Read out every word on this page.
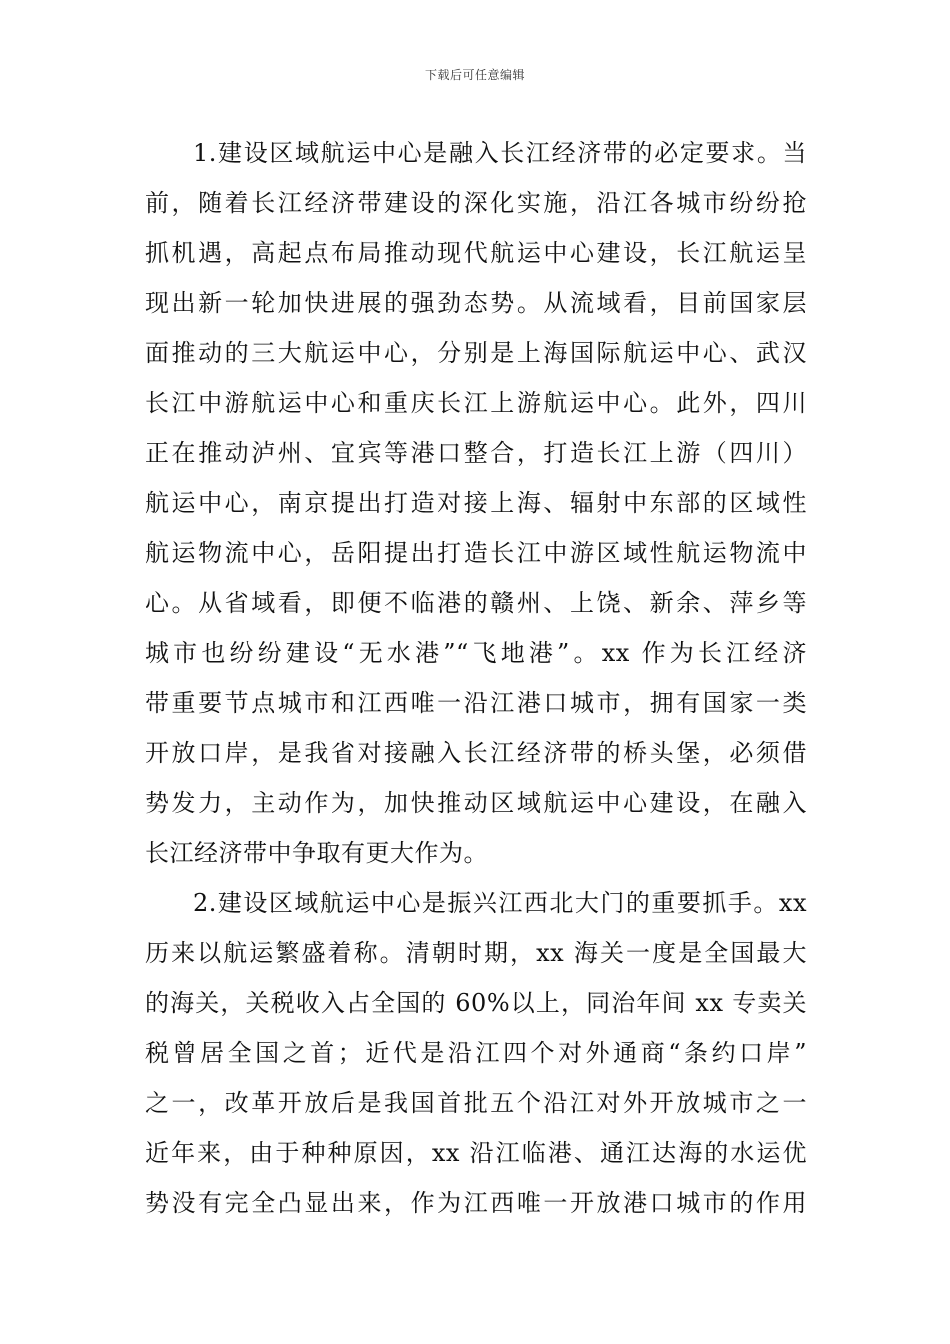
下载后可任意编辑
1.建设区域航运中心是融入长江经济带的必定要求。当
前，随着长江经济带建设的深化实施，沿江各城市纷纷抢
抓机遇，高起点布局推动现代航运中心建设，长江航运呈
现出新一轮加快进展的强劲态势。从流域看，目前国家层
面推动的三大航运中心，分别是上海国际航运中心、武汉
长江中游航运中心和重庆长江上游航运中心。此外，四川
正在推动泸州、宜宾等港口整合，打造长江上游（四川）
航运中心，南京提出打造对接上海、辐射中东部的区域性
航运物流中心，岳阳提出打造长江中游区域性航运物流中
心。从省域看，即便不临港的赣州、上饶、新余、萍乡等
城市也纷纷建设“无水港”“飞地港”。xx 作为长江经济
带重要节点城市和江西唯一沿江港口城市，拥有国家一类
开放口岸，是我省对接融入长江经济带的桥头堡，必须借
势发力，主动作为，加快推动区域航运中心建设，在融入
长江经济带中争取有更大作为。
2.建设区域航运中心是振兴江西北大门的重要抓手。xx
历来以航运繁盛着称。清朝时期，xx 海关一度是全国最大
的海关，关税收入占全国的 60%以上，同治年间 xx 专卖关
税曾居全国之首；近代是沿江四个对外通商“条约口岸”
之一，改革开放后是我国首批五个沿江对外开放城市之一
近年来，由于种种原因，xx 沿江临港、通江达海的水运优
势没有完全凸显出来，作为江西唯一开放港口城市的作用
